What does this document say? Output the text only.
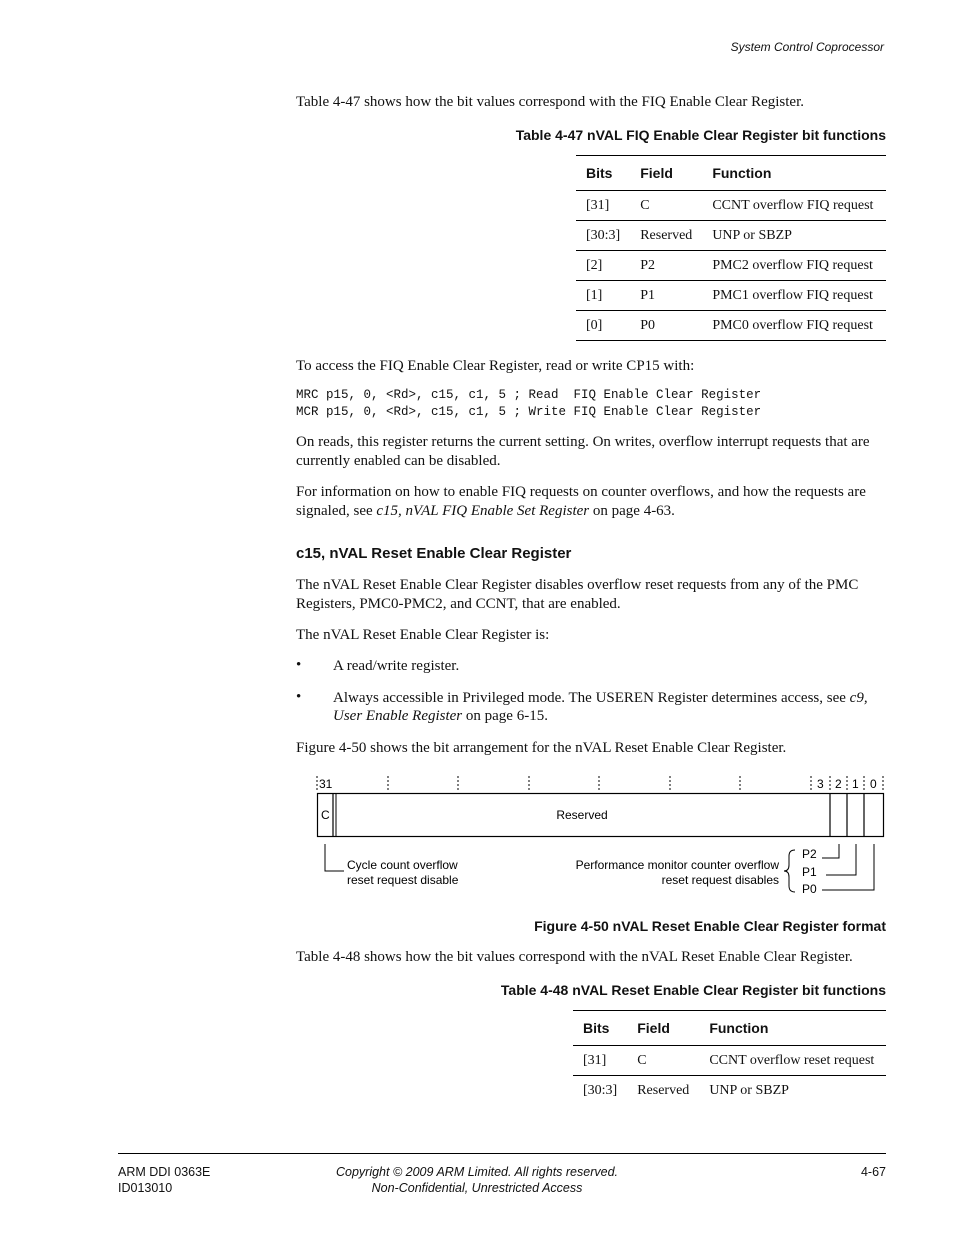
System Control Coprocessor
Table 4-47 shows how the bit values correspond with the FIQ Enable Clear Register.
Table 4-47 nVAL FIQ Enable Clear Register bit functions
Bits	Field	Function
[31]	C	CCNT overflow FIQ request
[30:3]	Reserved	UNP or SBZP
[2]	P2	PMC2 overflow FIQ request
[1]	P1	PMC1 overflow FIQ request
[0]	P0	PMC0 overflow FIQ request
To access the FIQ Enable Clear Register, read or write CP15 with:
MRC p15, 0, <Rd>, c15, c1, 5 ; Read  FIQ Enable Clear Register
MCR p15, 0, <Rd>, c15, c1, 5 ; Write FIQ Enable Clear Register
On reads, this register returns the current setting. On writes, overflow interrupt requests that are currently enabled can be disabled.
For information on how to enable FIQ requests on counter overflows, and how the requests are signaled, see c15, nVAL FIQ Enable Set Register on page 4-63.
c15, nVAL Reset Enable Clear Register
The nVAL Reset Enable Clear Register disables overflow reset requests from any of the PMC Registers, PMC0-PMC2, and CCNT, that are enabled.
The nVAL Reset Enable Clear Register is:
• A read/write register.
• Always accessible in Privileged mode. The USEREN Register determines access, see c9, User Enable Register on page 6-15.
Figure 4-50 shows the bit arrangement for the nVAL Reset Enable Clear Register.
31	3 2 1 0
C	Reserved
Cycle count overflow
reset request disable
Performance monitor counter overflow
reset request disables
P2
P1
P0
Figure 4-50 nVAL Reset Enable Clear Register format
Table 4-48 shows how the bit values correspond with the nVAL Reset Enable Clear Register.
Table 4-48 nVAL Reset Enable Clear Register bit functions
Bits	Field	Function
[31]	C	CCNT overflow reset request
[30:3]	Reserved	UNP or SBZP
ARM DDI 0363E
ID013010
Copyright © 2009 ARM Limited. All rights reserved.
Non-Confidential, Unrestricted Access
4-67
